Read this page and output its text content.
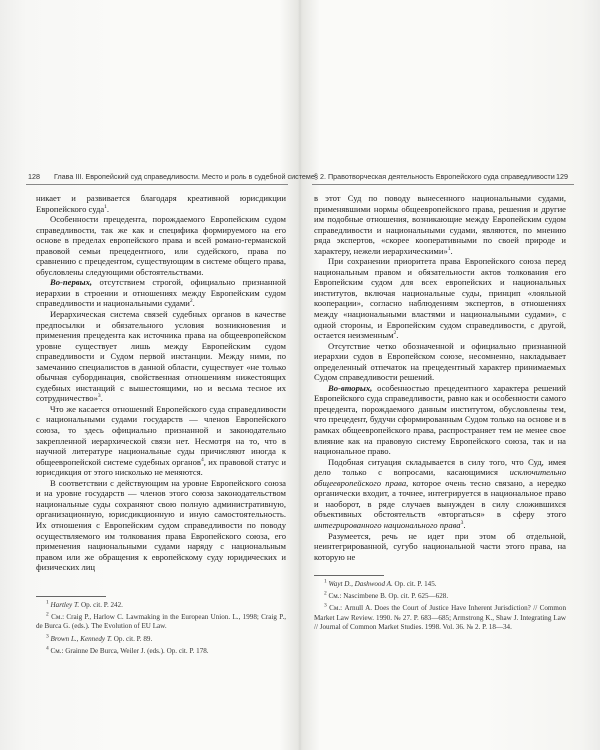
128 Глава III. Европейский суд справедливости. Место и роль в судебной системе

никает и развивается благодаря креативной юрисдикции Европейского суда$^1$.

Особенности прецедента, порождаемого Европейским судом справедливости, так же как и специфика формируемого на его основе в пределах европейского права и всей романо-германской правовой семьи прецедентного, или судейского, права по сравнению с прецедентом, существующим в системе общего права, обусловлены следующими обстоятельствами.

Во-первых, отсутствием строгой, официально признанной иерархии в строении и отношениях между Европейским судом справедливости и национальными судами$^2$.

Иерархическая система связей судебных органов в качестве предпосылки и обязательного условия возникновения и применения прецедента как источника права на общеевропейском уровне существует лишь между Европейским судом справедливости и Судом первой инстанции. Между ними, по замечанию специалистов в данной области, существует «не только обычная субординация, свойственная отношениям нижестоящих судебных инстанций с вышестоящими, но и весьма тесное их сотрудничество»$^3$.

Что же касается отношений Европейского суда справедливости с национальными судами государств — членов Европейского союза, то здесь официально признанной и законодательно закрепленной иерархической связи нет. Несмотря на то, что в научной литературе национальные суды причисляют иногда к общеевропейской системе судебных органов$^4$, их правовой статус и юрисдикция от этого нисколько не меняются.

В соответствии с действующим на уровне Европейского союза и на уровне государств — членов этого союза законодательством национальные суды сохраняют свою полную административную, организационную, юрисдикционную и иную самостоятельность. Их отношения с Европейским судом справедливости по поводу осуществляемого им толкования права Европейского союза, его применения национальными судами наряду с национальным правом или же обращения к европейскому суду юридических и физических лиц

$^1$ Hartley T. Op. cit. P. 242.

$^2$ См.: Craig P., Harlow C. Lawmaking in the European Union. L., 1998; Craig P., de Burca G. (eds.). The Evolution of EU Law.

$^3$ Brown L., Kennedy T. Op. cit. P. 89.

$^4$ См.: Grainne De Burca, Weiler J. (eds.). Op. cit. P. 178.

§ 2. Правотворческая деятельность Европейского суда справедливости 129

в этот Суд по поводу вынесенного национальными судами, применявшими нормы общеевропейского права, решения и другие им подобные отношения, возникающие между Европейским судом справедливости и национальными судами, являются, по мнению ряда экспертов, «скорее кооперативными по своей природе и характеру, нежели иерархическими»$^1$.

При сохранении приоритета права Европейского союза перед национальным правом и обязательности актов толкования его Европейским судом для всех европейских и национальных институтов, включая национальные суды, принцип «лояльной кооперации», согласно наблюдениям экспертов, в отношениях между «национальными властями и национальными судами», с одной стороны, и Европейским судом справедливости, с другой, остается неизменным$^2$.

Отсутствие четко обозначенной и официально признанной иерархии судов в Европейском союзе, несомненно, накладывает определенный отпечаток на прецедентный характер принимаемых Судом справедливости решений.

Во-вторых, особенностью прецедентного характера решений Европейского суда справедливости, равно как и особенности самого прецедента, порождаемого данным институтом, обусловлены тем, что прецедент, будучи сформированным Судом только на основе и в рамках общеевропейского права, распространяет тем не менее свое влияние как на правовую систему Европейского союза, так и на национальное право.

Подобная ситуация складывается в силу того, что Суд, имея дело только с вопросами, касающимися исключительно общеевропейского права, которое очень тесно связано, а нередко органически входит, а точнее, интегрируется в национальное право и наоборот, в ряде случаев вынужден в силу сложившихся объективных обстоятельств «вторгаться» в сферу этого интегрированного национального права$^3$.

Разумеется, речь не идет при этом об отдельной, неинтегрированной, сугубо национальной части этого права, на которую не

$^1$ Wayt D., Dashwood A. Op. cit. P. 145.

$^2$ См.: Nascimbene B. Op. cit. P. 625—628.

$^3$ См.: Arnull A. Does the Court of Justice Have Inherent Jurisdiction? // Common Market Law Review. 1990. № 27. P. 683—685; Armstrong K., Shaw J. Integrating Law // Journal of Common Market Studies. 1998. Vol. 36. № 2. P. 18—34.
